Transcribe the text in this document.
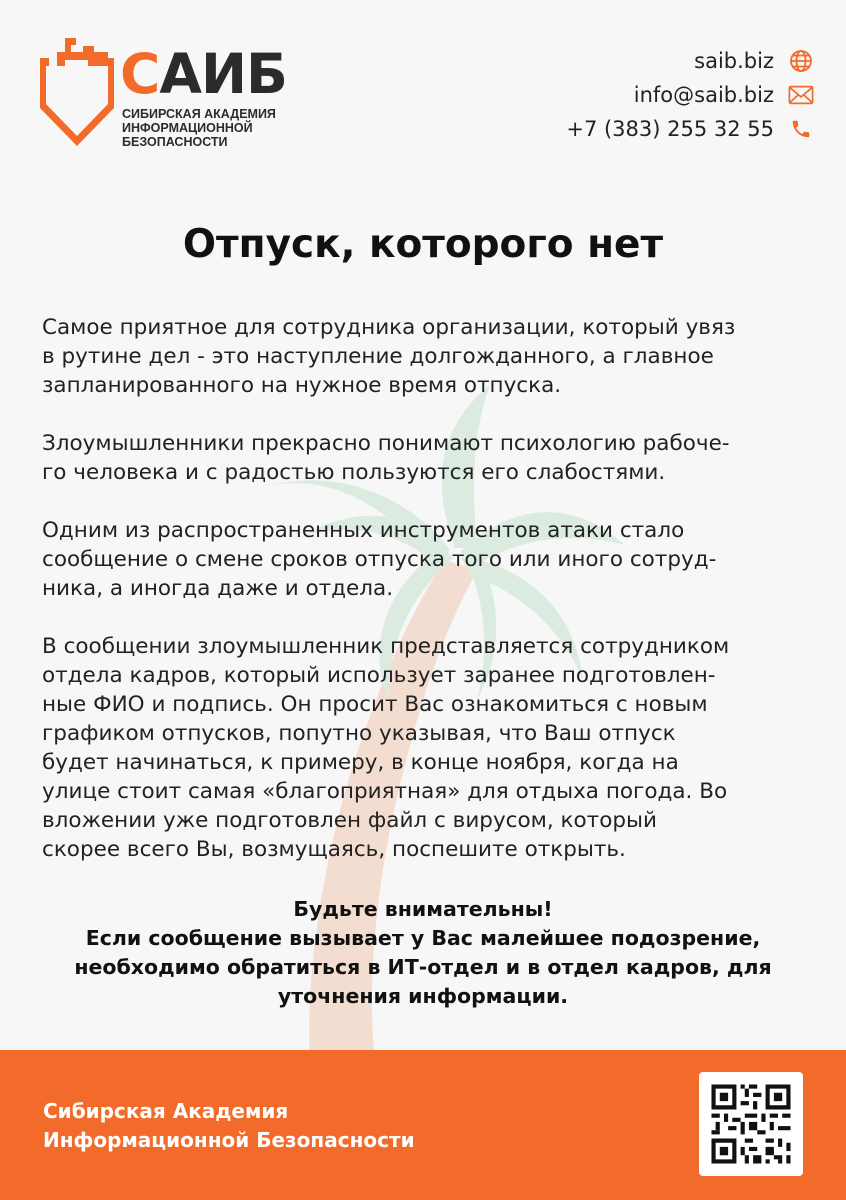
САИБ
СИБИРСКАЯ АКАДЕМИЯ
ИНФОРМАЦИОННОЙ
БЕЗОПАСНОСТИ
saib.biz
info@saib.biz
+7 (383) 255 32 55
Отпуск, которого нет

Самое приятное для сотрудника организации, который увяз
в рутине дел - это наступление долгожданного, а главное
запланированного на нужное время отпуска.

Злоумышленники прекрасно понимают психологию рабоче-
го человека и с радостью пользуются его слабостями.

Одним из распространенных инструментов атаки стало
сообщение о смене сроков отпуска того или иного сотруд-
ника, а иногда даже и отдела.

В сообщении злоумышленник представляется сотрудником
отдела кадров, который использует заранее подготовлен-
ные ФИО и подпись. Он просит Вас ознакомиться с новым
графиком отпусков, попутно указывая, что Ваш отпуск
будет начинаться, к примеру, в конце ноября, когда на
улице стоит самая «благоприятная» для отдыха погода. Во
вложении уже подготовлен файл с вирусом, который
скорее всего Вы, возмущаясь, поспешите открыть.

Будьте внимательны!
Если сообщение вызывает у Вас малейшее подозрение,
необходимо обратиться в ИТ-отдел и в отдел кадров, для
уточнения информации.
Сибирская Академия
Информационной Безопасности
